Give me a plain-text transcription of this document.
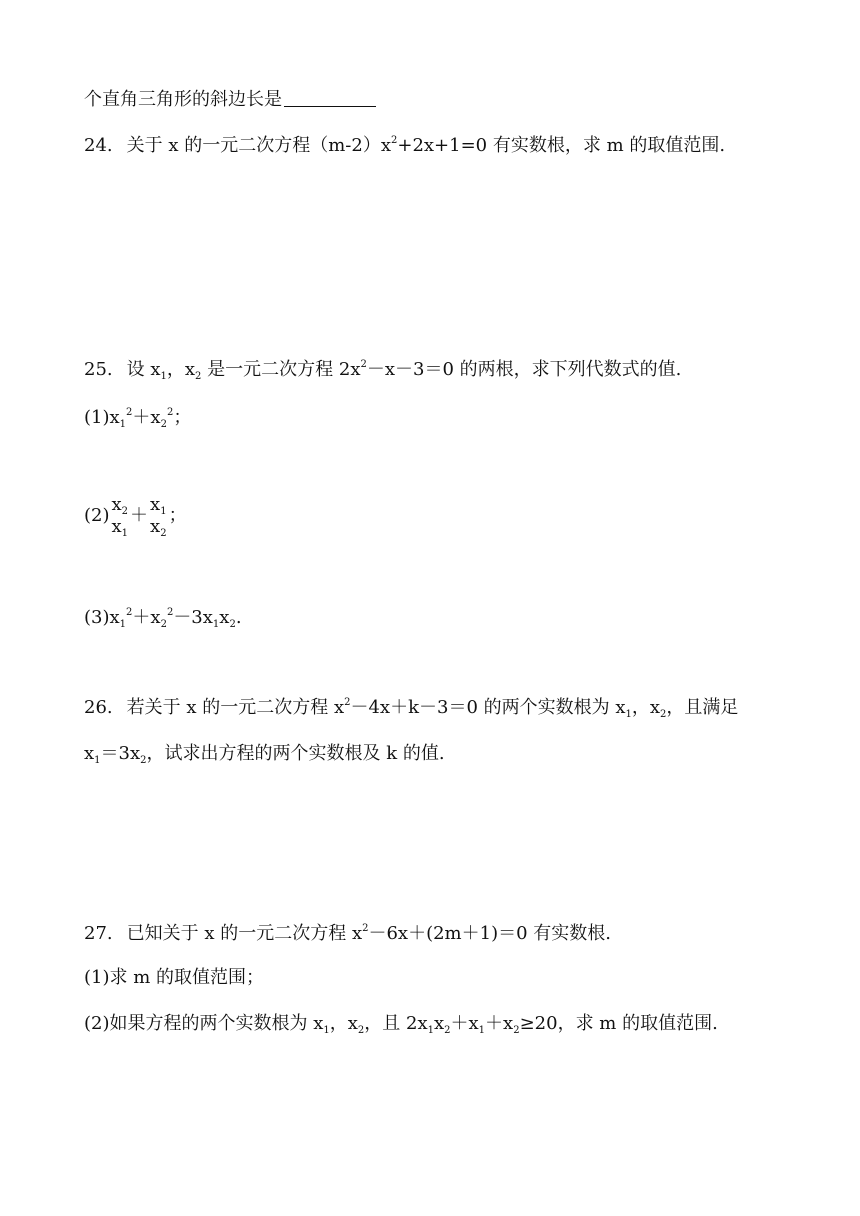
个直角三角形的斜边长是
24. 关于 x 的一元二次方程$(m-2)x^2+2x+1=0$ 有实数根，求 m 的取值范围.
25. 设 $x_1$，$x_2$ 是一元二次方程 $2x^2-x-3=0$ 的两根，求下列代数式的值.
$(1)x_1^2+x_2^2$；
(2)
$x_2$
$x_1$
＋
$x_1$
$x_2$
；
$(3)x_1^2+x_2^2-3x_1x_2$.
26. 若关于 x 的一元二次方程 $x^2-4x+k-3=0$ 的两个实数根为 $x_1$，$x_2$，且满足
$x_1=3x_2$，试求出方程的两个实数根及 k 的值.
27. 已知关于 x 的一元二次方程 $x^2-6x+(2m+1)=0$ 有实数根.
(1)求 m 的取值范围；
(2)如果方程的两个实数根为 $x_1$，$x_2$，且 $2x_1x_2+x_1+x_2\ge 20$，求 m 的取值范围.
